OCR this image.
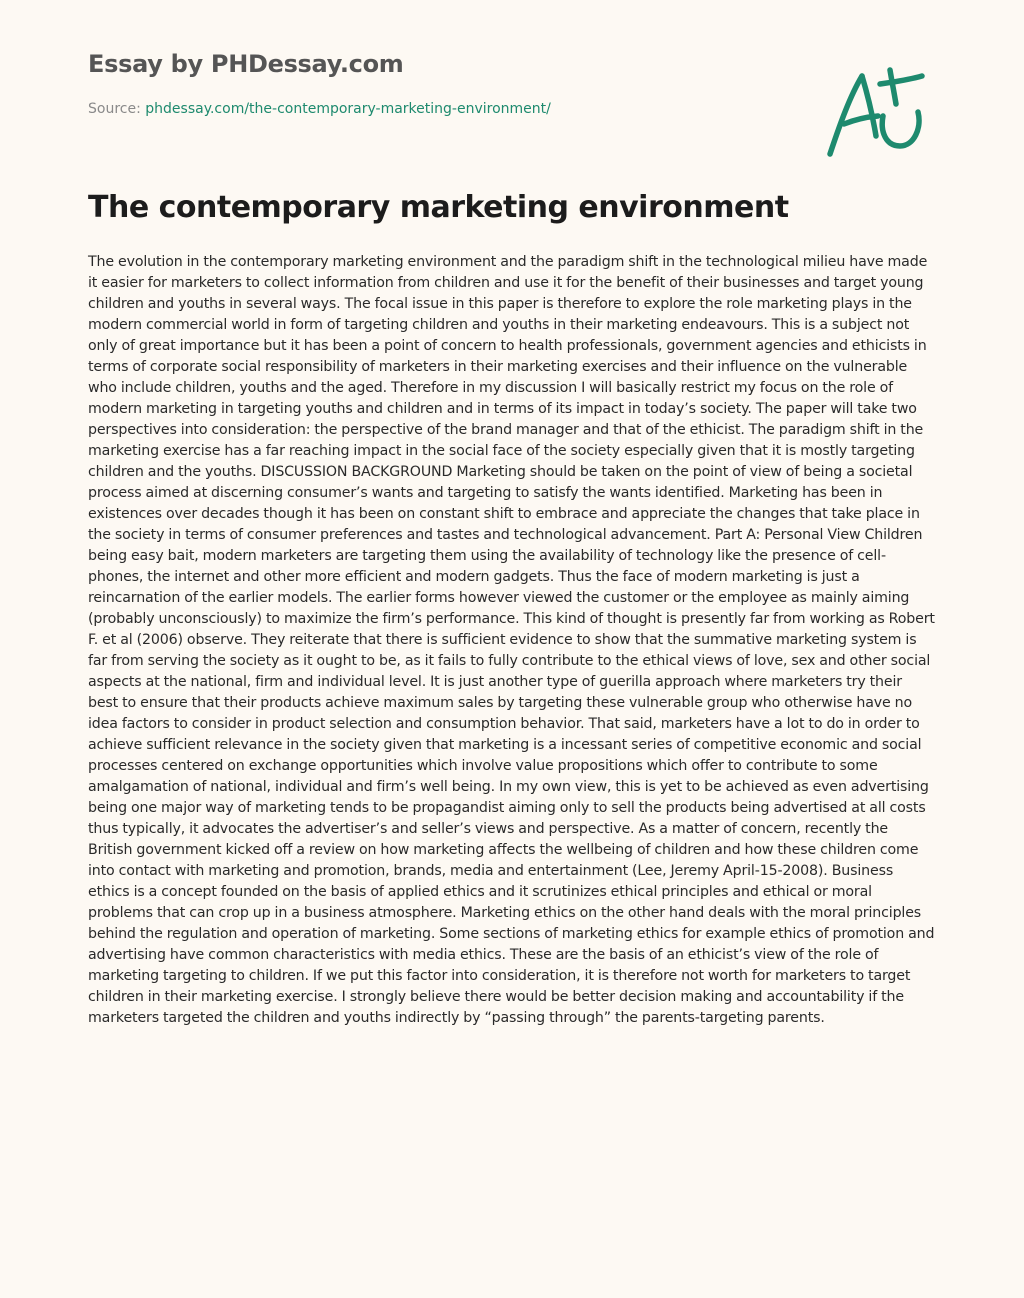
Essay by PHDessay.com

Source: phdessay.com/the-contemporary-marketing-environment/

The contemporary marketing environment

The evolution in the contemporary marketing environment and the paradigm shift in the technological milieu have made it easier for marketers to collect information from children and use it for the benefit of their businesses and target young children and youths in several ways. The focal issue in this paper is therefore to explore the role marketing plays in the modern commercial world in form of targeting children and youths in their marketing endeavours. This is a subject not only of great importance but it has been a point of concern to health professionals, government agencies and ethicists in terms of corporate social responsibility of marketers in their marketing exercises and their influence on the vulnerable who include children, youths and the aged. Therefore in my discussion I will basically restrict my focus on the role of modern marketing in targeting youths and children and in terms of its impact in today’s society. The paper will take two perspectives into consideration: the perspective of the brand manager and that of the ethicist. The paradigm shift in the marketing exercise has a far reaching impact in the social face of the society especially given that it is mostly targeting children and the youths. DISCUSSION BACKGROUND Marketing should be taken on the point of view of being a societal process aimed at discerning consumer’s wants and targeting to satisfy the wants identified. Marketing has been in existences over decades though it has been on constant shift to embrace and appreciate the changes that take place in the society in terms of consumer preferences and tastes and technological advancement. Part A: Personal View Children being easy bait, modern marketers are targeting them using the availability of technology like the presence of cell-phones, the internet and other more efficient and modern gadgets. Thus the face of modern marketing is just a reincarnation of the earlier models. The earlier forms however viewed the customer or the employee as mainly aiming (probably unconsciously) to maximize the firm’s performance. This kind of thought is presently far from working as Robert F. et al (2006) observe. They reiterate that there is sufficient evidence to show that the summative marketing system is far from serving the society as it ought to be, as it fails to fully contribute to the ethical views of love, sex and other social aspects at the national, firm and individual level. It is just another type of guerilla approach where marketers try their best to ensure that their products achieve maximum sales by targeting these vulnerable group who otherwise have no idea factors to consider in product selection and consumption behavior. That said, marketers have a lot to do in order to achieve sufficient relevance in the society given that marketing is a incessant series of competitive economic and social processes centered on exchange opportunities which involve value propositions which offer to contribute to some amalgamation of national, individual and firm’s well being. In my own view, this is yet to be achieved as even advertising being one major way of marketing tends to be propagandist aiming only to sell the products being advertised at all costs thus typically, it advocates the advertiser’s and seller’s views and perspective. As a matter of concern, recently the British government kicked off a review on how marketing affects the wellbeing of children and how these children come into contact with marketing and promotion, brands, media and entertainment (Lee, Jeremy April-15-2008). Business ethics is a concept founded on the basis of applied ethics and it scrutinizes ethical principles and ethical or moral problems that can crop up in a business atmosphere. Marketing ethics on the other hand deals with the moral principles behind the regulation and operation of marketing. Some sections of marketing ethics for example ethics of promotion and advertising have common characteristics with media ethics. These are the basis of an ethicist’s view of the role of marketing targeting to children. If we put this factor into consideration, it is therefore not worth for marketers to target children in their marketing exercise. I strongly believe there would be better decision making and accountability if the marketers targeted the children and youths indirectly by “passing through” the parents-targeting parents.
